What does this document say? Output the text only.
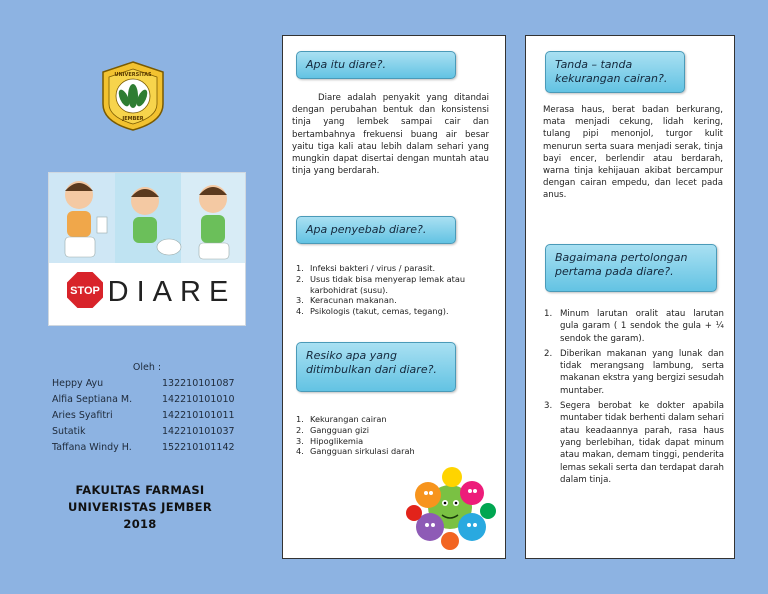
UNIVERSITAS
JEMBER
STOP DIARE
Oleh :
Heppy Ayu	132210101087
Alfia Septiana M.	142210101010
Aries Syafitri	142210101011
Sutatik	142210101037
Taffana Windy H.	152210101142
FAKULTAS FARMASI
UNIVERISTAS JEMBER
2018
Apa itu diare?.
Diare adalah penyakit yang ditandai dengan perubahan bentuk dan konsistensi tinja yang lembek sampai cair dan bertambahnya frekuensi buang air besar yaitu tiga kali atau lebih dalam sehari yang mungkin dapat disertai dengan muntah atau tinja yang berdarah.
Apa penyebab diare?.
1. Infeksi bakteri / virus / parasit.
2. Usus tidak bisa menyerap lemak atau karbohidrat (susu).
3. Keracunan makanan.
4. Psikologis (takut, cemas, tegang).
Resiko apa yang ditimbulkan dari diare?.
1. Kekurangan cairan
2. Gangguan gizi
3. Hipoglikemia
4. Gangguan sirkulasi darah
Tanda – tanda kekurangan cairan?.
Merasa haus, berat badan berkurang, mata menjadi cekung, lidah kering, tulang pipi menonjol, turgor kulit menurun serta suara menjadi serak, tinja bayi encer, berlendir atau berdarah, warna tinja kehijauan akibat bercampur dengan cairan empedu, dan lecet pada anus.
Bagaimana pertolongan pertama pada diare?.
1. Minum larutan oralit atau larutan gula garam ( 1 sendok the gula + ¼ sendok the garam).
2. Diberikan makanan yang lunak dan tidak merangsang lambung, serta makanan ekstra yang bergizi sesudah muntaber.
3. Segera berobat ke dokter apabila muntaber tidak berhenti dalam sehari atau keadaannya parah, rasa haus yang berlebihan, tidak dapat minum atau makan, demam tinggi, penderita lemas sekali serta dan terdapat darah dalam tinja.
